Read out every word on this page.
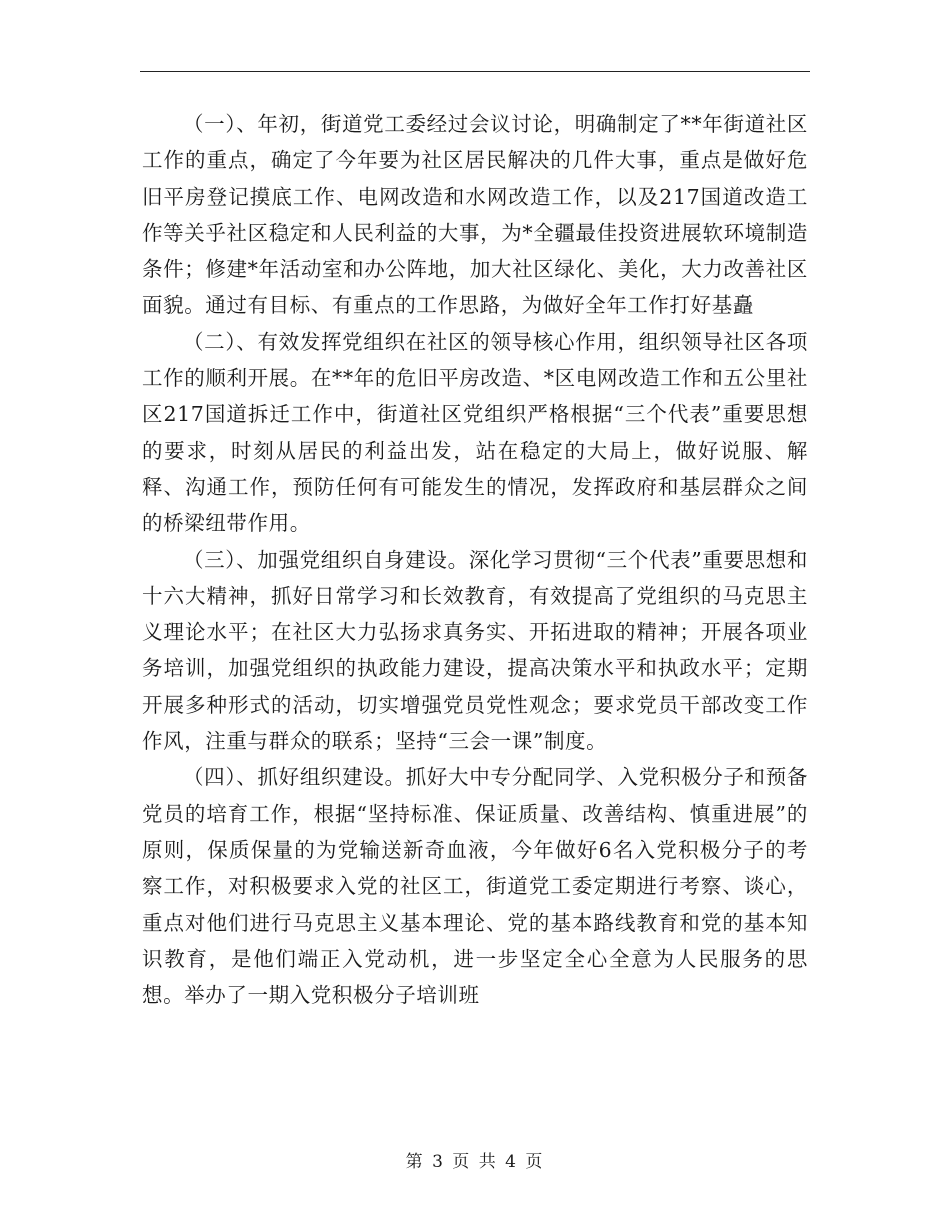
（一）、年初，街道党工委经过会议讨论，明确制定了**年街道社区工作的重点，确定了今年要为社区居民解决的几件大事，重点是做好危旧平房登记摸底工作、电网改造和水网改造工作，以及217国道改造工作等关乎社区稳定和人民利益的大事，为*全疆最佳投资进展软环境制造条件；修建*年活动室和办公阵地，加大社区绿化、美化，大力改善社区面貌。通过有目标、有重点的工作思路，为做好全年工作打好基矗

（二）、有效发挥党组织在社区的领导核心作用，组织领导社区各项工作的顺利开展。在**年的危旧平房改造、*区电网改造工作和五公里社区217国道拆迁工作中，街道社区党组织严格根据“三个代表”重要思想的要求，时刻从居民的利益出发，站在稳定的大局上，做好说服、解释、沟通工作，预防任何有可能发生的情况，发挥政府和基层群众之间的桥梁纽带作用。

（三）、加强党组织自身建设。深化学习贯彻“三个代表”重要思想和十六大精神，抓好日常学习和长效教育，有效提高了党组织的马克思主义理论水平；在社区大力弘扬求真务实、开拓进取的精神；开展各项业务培训，加强党组织的执政能力建设，提高决策水平和执政水平；定期开展多种形式的活动，切实增强党员党性观念；要求党员干部改变工作作风，注重与群众的联系；坚持“三会一课”制度。

（四）、抓好组织建设。抓好大中专分配同学、入党积极分子和预备党员的培育工作，根据“坚持标准、保证质量、改善结构、慎重进展”的原则，保质保量的为党输送新奇血液，今年做好6名入党积极分子的考察工作，对积极要求入党的社区工，街道党工委定期进行考察、谈心，重点对他们进行马克思主义基本理论、党的基本路线教育和党的基本知识教育，是他们端正入党动机，进一步坚定全心全意为人民服务的思想。举办了一期入党积极分子培训班

第 3 页 共 4 页
